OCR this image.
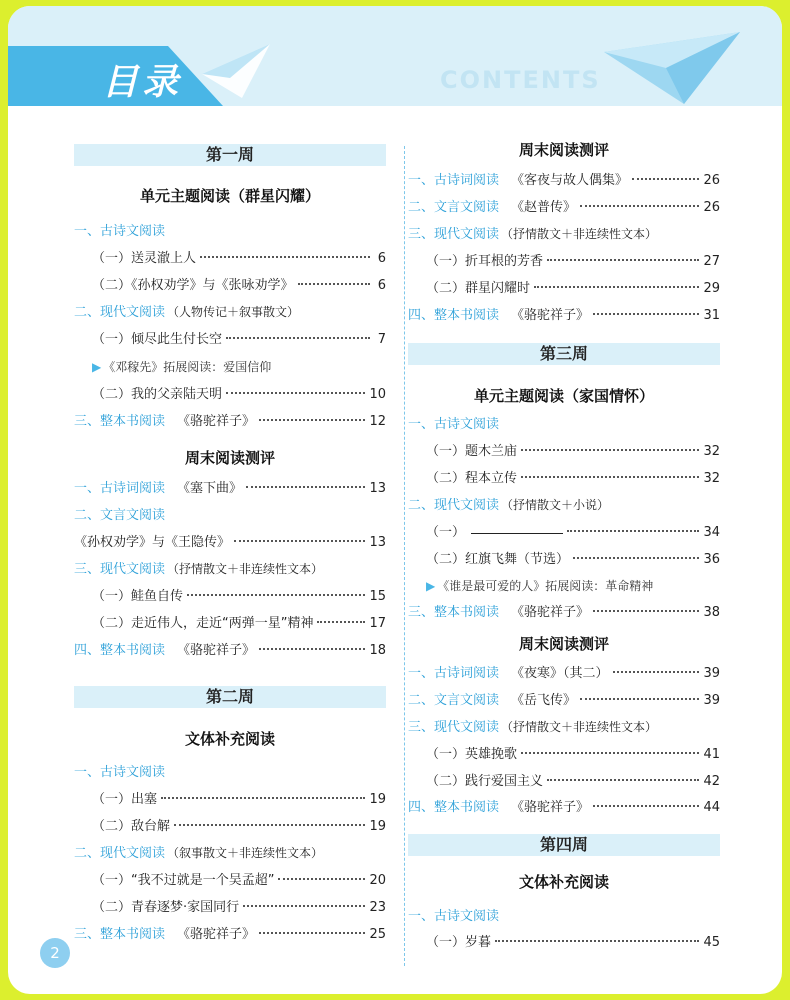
目录	CONTENTS
第一周
单元主题阅读（群星闪耀）
一、古诗文阅读
（一）送灵澈上人	6
（二）《孙权劝学》与《张咏劝学》	6
二、现代文阅读 （人物传记＋叙事散文）
（一）倾尽此生付长空	7
▶ 《邓稼先》拓展阅读：爱国信仰
（二）我的父亲陆天明	10
三、整本书阅读 《骆驼祥子》	12
周末阅读测评
一、古诗词阅读 《塞下曲》	13
二、文言文阅读
《孙权劝学》与《王隐传》	13
三、现代文阅读 （抒情散文＋非连续性文本）
（一）鲑鱼自传	15
（二）走近伟人，走近“两弹一星”精神	17
四、整本书阅读 《骆驼祥子》	18
第二周
文体补充阅读
一、古诗文阅读
（一）出塞	19
（二）敌台解	19
二、现代文阅读 （叙事散文＋非连续性文本）
（一）“我不过就是一个吴孟超”	20
（二）青春逐梦·家国同行	23
三、整本书阅读 《骆驼祥子》	25
周末阅读测评
一、古诗词阅读 《客夜与故人偶集》	26
二、文言文阅读 《赵普传》	26
三、现代文阅读 （抒情散文＋非连续性文本）
（一）折耳根的芳香	27
（二）群星闪耀时	29
四、整本书阅读 《骆驼祥子》	31
第三周
单元主题阅读（家国情怀）
一、古诗文阅读
（一）题木兰庙	32
（二）程本立传	32
二、现代文阅读 （抒情散文＋小说）
（一）	34
（二）红旗飞舞（节选）	36
▶ 《谁是最可爱的人》拓展阅读：革命精神
三、整本书阅读 《骆驼祥子》	38
周末阅读测评
一、古诗词阅读 《夜寒》（其二）	39
二、文言文阅读 《岳飞传》	39
三、现代文阅读 （抒情散文＋非连续性文本）
（一）英雄挽歌	41
（二）践行爱国主义	42
四、整本书阅读 《骆驼祥子》	44
第四周
文体补充阅读
一、古诗文阅读
（一）岁暮	45
2
